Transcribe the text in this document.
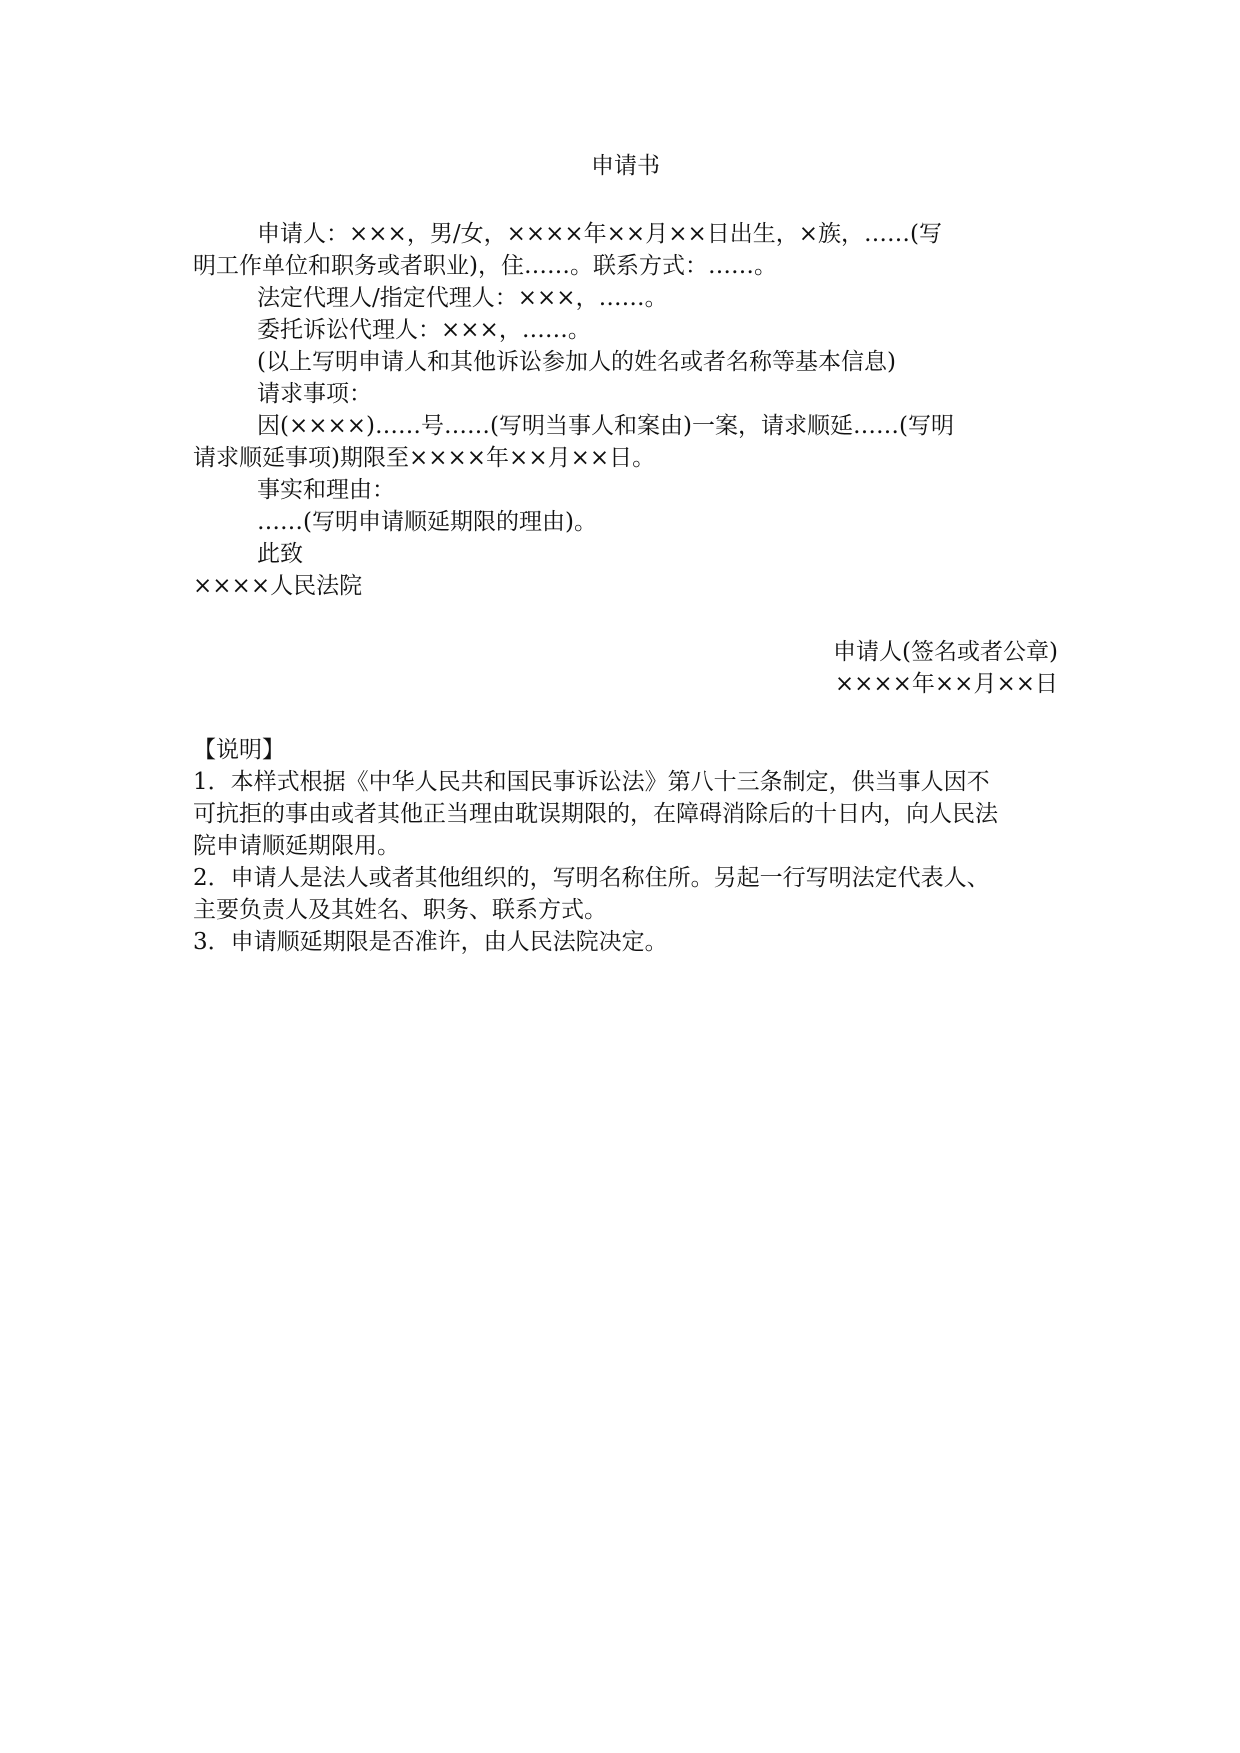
申请书
申请人：×××，男/女，××××年××月××日出生，×族，……(写
明工作单位和职务或者职业)，住……。联系方式：……。
法定代理人/指定代理人：×××，……。
委托诉讼代理人：×××，……。
(以上写明申请人和其他诉讼参加人的姓名或者名称等基本信息)
请求事项：
因(××××)……号……(写明当事人和案由)一案，请求顺延……(写明
请求顺延事项)期限至××××年××月××日。
事实和理由：
……(写明申请顺延期限的理由)。
此致
××××人民法院
申请人(签名或者公章)
××××年××月××日
【说明】
1．本样式根据《中华人民共和国民事诉讼法》第八十三条制定，供当事人因不
可抗拒的事由或者其他正当理由耽误期限的，在障碍消除后的十日内，向人民法
院申请顺延期限用。
2．申请人是法人或者其他组织的，写明名称住所。另起一行写明法定代表人、
主要负责人及其姓名、职务、联系方式。
3．申请顺延期限是否准许，由人民法院决定。
